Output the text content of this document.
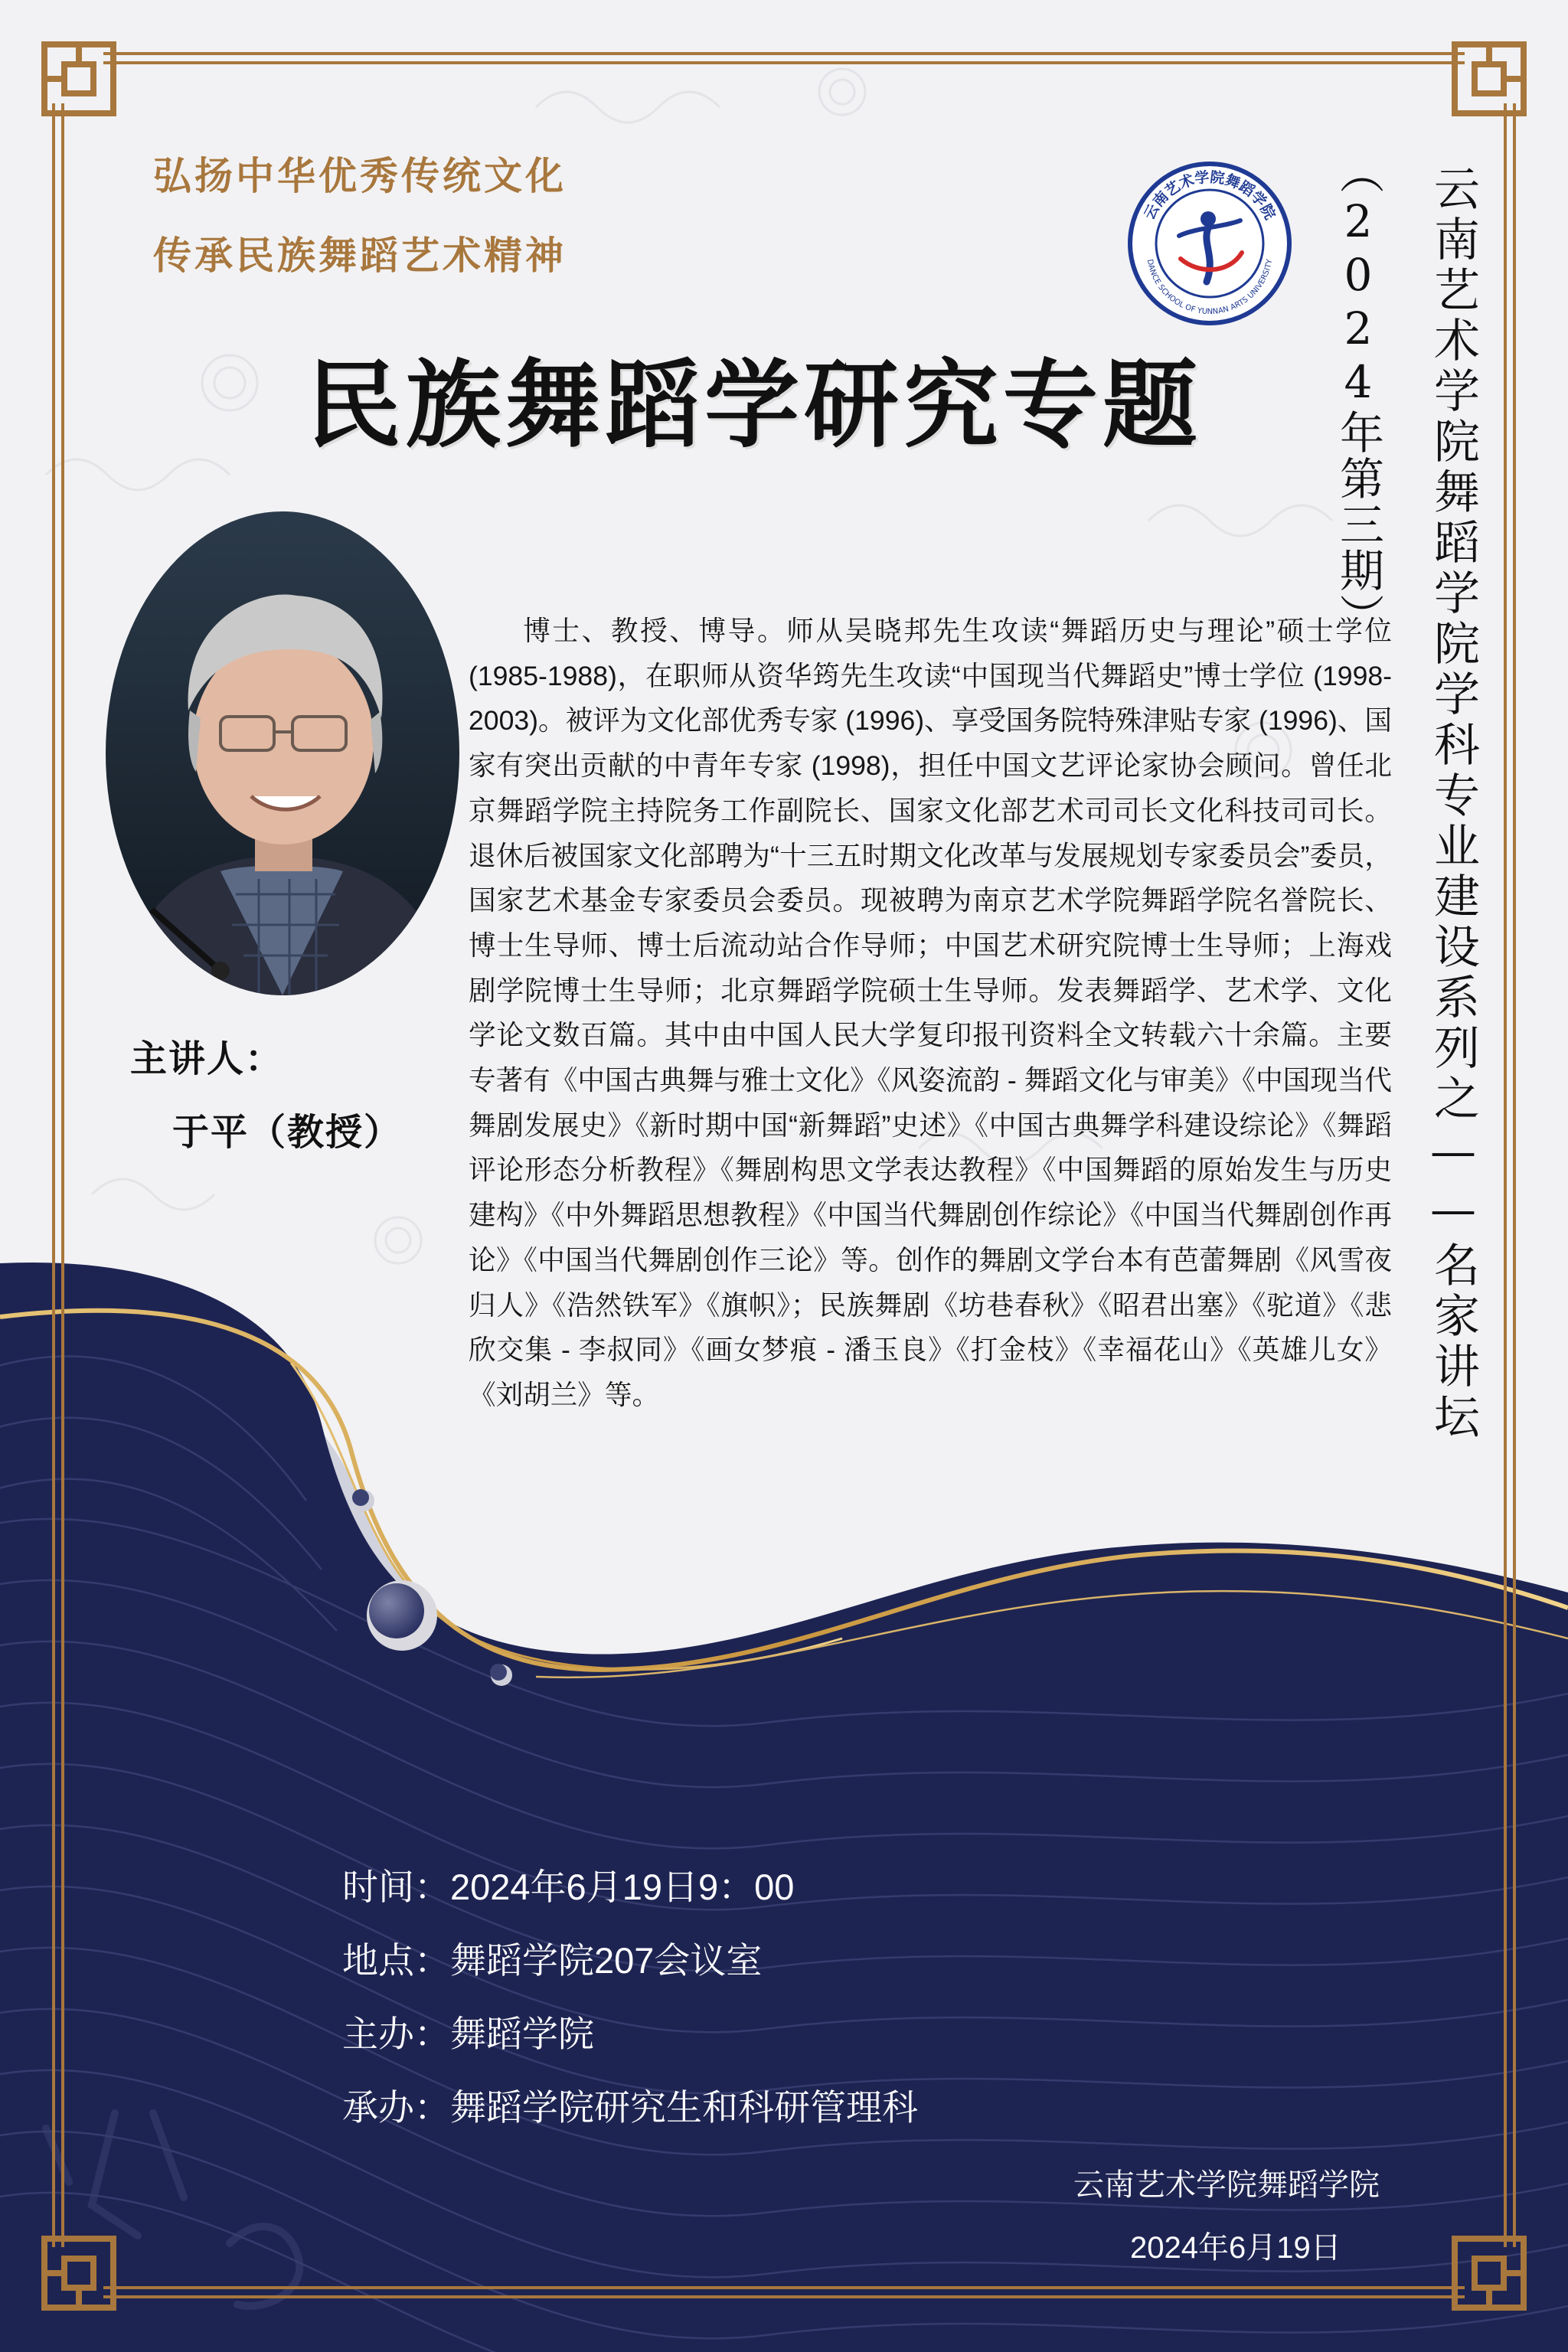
弘扬中华优秀传统文化
传承民族舞蹈艺术精神
民族舞蹈学研究专题
云南艺术学院舞蹈学院
DANCE SCHOOL OF YUNNAN ARTS UNIVERSITY	云南艺术学院舞蹈学院学科专业建设系列之——名家讲坛
（2024年第三期）
主讲人：
于平（教授）
博士、教授、博导。师从吴晓邦先生攻读“舞蹈历史与理论”硕士学位 (1985-1988)，在职师从资华筠先生攻读“中国现当代舞蹈史”博士学位 (1998-2003)。被评为文化部优秀专家 (1996)、享受国务院特殊津贴专家 (1996)、国家有突出贡献的中青年专家 (1998)，担任中国文艺评论家协会顾问。曾任北京舞蹈学院主持院务工作副院长、国家文化部艺术司司长文化科技司司长。退休后被国家文化部聘为“十三五时期文化改革与发展规划专家委员会”委员，国家艺术基金专家委员会委员。现被聘为南京艺术学院舞蹈学院名誉院长、博士生导师、博士后流动站合作导师；中国艺术研究院博士生导师；上海戏剧学院博士生导师；北京舞蹈学院硕士生导师。发表舞蹈学、艺术学、文化学论文数百篇。其中由中国人民大学复印报刊资料全文转载六十余篇。主要专著有《中国古典舞与雅士文化》《风姿流韵 - 舞蹈文化与审美》《中国现当代舞剧发展史》《新时期中国“新舞蹈”史述》《中国古典舞学科建设综论》《舞蹈评论形态分析教程》《舞剧构思文学表达教程》《中国舞蹈的原始发生与历史建构》《中外舞蹈思想教程》《中国当代舞剧创作综论》《中国当代舞剧创作再论》《中国当代舞剧创作三论》等。创作的舞剧文学台本有芭蕾舞剧《风雪夜归人》《浩然铁军》《旗帜》；民族舞剧《坊巷春秋》《昭君出塞》《驼道》《悲欣交集 - 李叔同》《画女梦痕 - 潘玉良》《打金枝》《幸福花山》《英雄儿女》《刘胡兰》等。
时间：2024年6月19日9：00
地点：舞蹈学院207会议室
主办：舞蹈学院
承办：舞蹈学院研究生和科研管理科
云南艺术学院舞蹈学院
2024年6月19日
